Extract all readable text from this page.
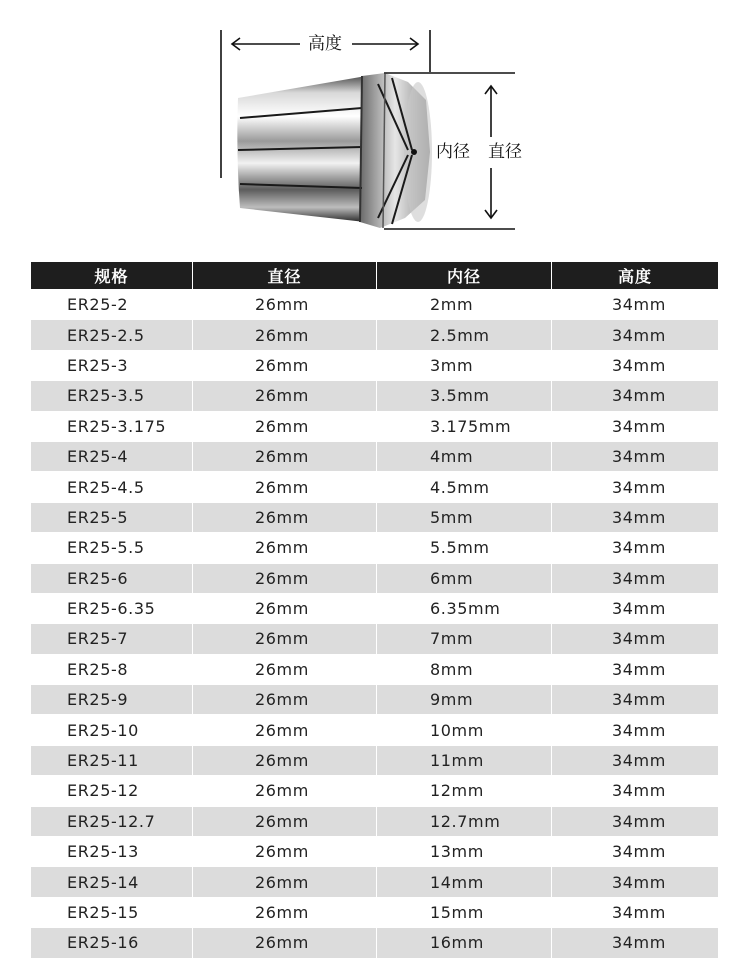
高度
内径 直径
规格	直径	内径	高度
ER25-2	26mm	2mm	34mm
ER25-2.5	26mm	2.5mm	34mm
ER25-3	26mm	3mm	34mm
ER25-3.5	26mm	3.5mm	34mm
ER25-3.175	26mm	3.175mm	34mm
ER25-4	26mm	4mm	34mm
ER25-4.5	26mm	4.5mm	34mm
ER25-5	26mm	5mm	34mm
ER25-5.5	26mm	5.5mm	34mm
ER25-6	26mm	6mm	34mm
ER25-6.35	26mm	6.35mm	34mm
ER25-7	26mm	7mm	34mm
ER25-8	26mm	8mm	34mm
ER25-9	26mm	9mm	34mm
ER25-10	26mm	10mm	34mm
ER25-11	26mm	11mm	34mm
ER25-12	26mm	12mm	34mm
ER25-12.7	26mm	12.7mm	34mm
ER25-13	26mm	13mm	34mm
ER25-14	26mm	14mm	34mm
ER25-15	26mm	15mm	34mm
ER25-16	26mm	16mm	34mm
